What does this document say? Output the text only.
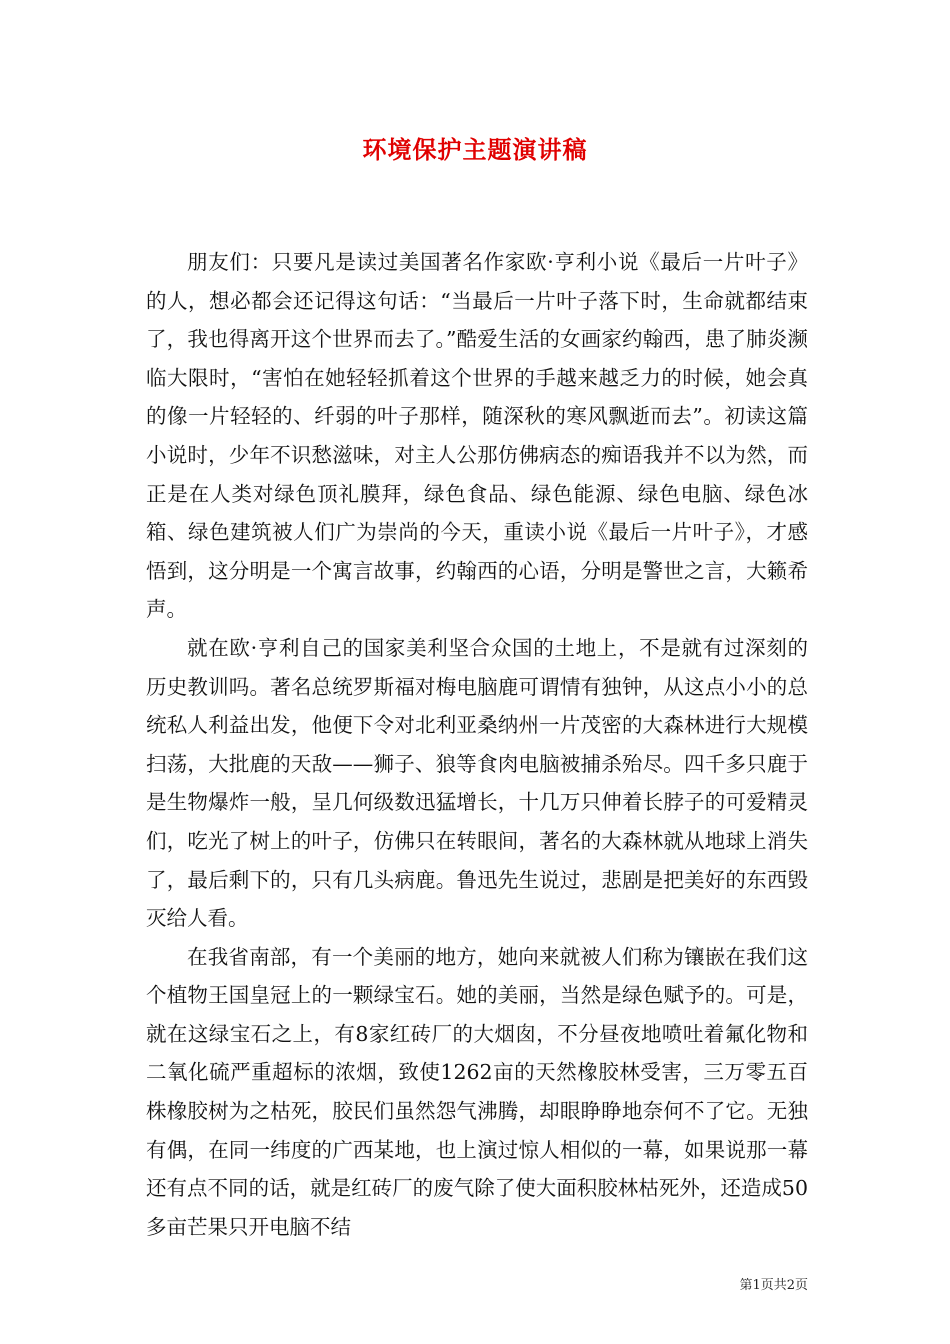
环境保护主题演讲稿

朋友们：只要凡是读过美国著名作家欧·亨利小说《最后一片叶子》的人，想必都会还记得这句话：“当最后一片叶子落下时，生命就都结束了，我也得离开这个世界而去了。”酷爱生活的女画家约翰西，患了肺炎濒临大限时，“害怕在她轻轻抓着这个世界的手越来越乏力的时候，她会真的像一片轻轻的、纤弱的叶子那样，随深秋的寒风飘逝而去”。初读这篇小说时，少年不识愁滋味，对主人公那仿佛病态的痴语我并不以为然，而正是在人类对绿色顶礼膜拜，绿色食品、绿色能源、绿色电脑、绿色冰箱、绿色建筑被人们广为崇尚的今天，重读小说《最后一片叶子》，才感悟到，这分明是一个寓言故事，约翰西的心语，分明是警世之言，大籁希声。

就在欧·亨利自己的国家美利坚合众国的土地上，不是就有过深刻的历史教训吗。著名总统罗斯福对梅电脑鹿可谓情有独钟，从这点小小的总统私人利益出发，他便下令对北利亚桑纳州一片茂密的大森林进行大规模扫荡，大批鹿的天敌——狮子、狼等食肉电脑被捕杀殆尽。四千多只鹿于是生物爆炸一般，呈几何级数迅猛增长，十几万只伸着长脖子的可爱精灵们，吃光了树上的叶子，仿佛只在转眼间，著名的大森林就从地球上消失了，最后剩下的，只有几头病鹿。鲁迅先生说过，悲剧是把美好的东西毁灭给人看。

在我省南部，有一个美丽的地方，她向来就被人们称为镶嵌在我们这个植物王国皇冠上的一颗绿宝石。她的美丽，当然是绿色赋予的。可是，就在这绿宝石之上，有8家红砖厂的大烟囱，不分昼夜地喷吐着氟化物和二氧化硫严重超标的浓烟，致使1262亩的天然橡胶林受害，三万零五百株橡胶树为之枯死，胶民们虽然怨气沸腾，却眼睁睁地奈何不了它。无独有偶，在同一纬度的广西某地，也上演过惊人相似的一幕，如果说那一幕还有点不同的话，就是红砖厂的废气除了使大面积胶林枯死外，还造成50多亩芒果只开电脑不结

第1页共2页
